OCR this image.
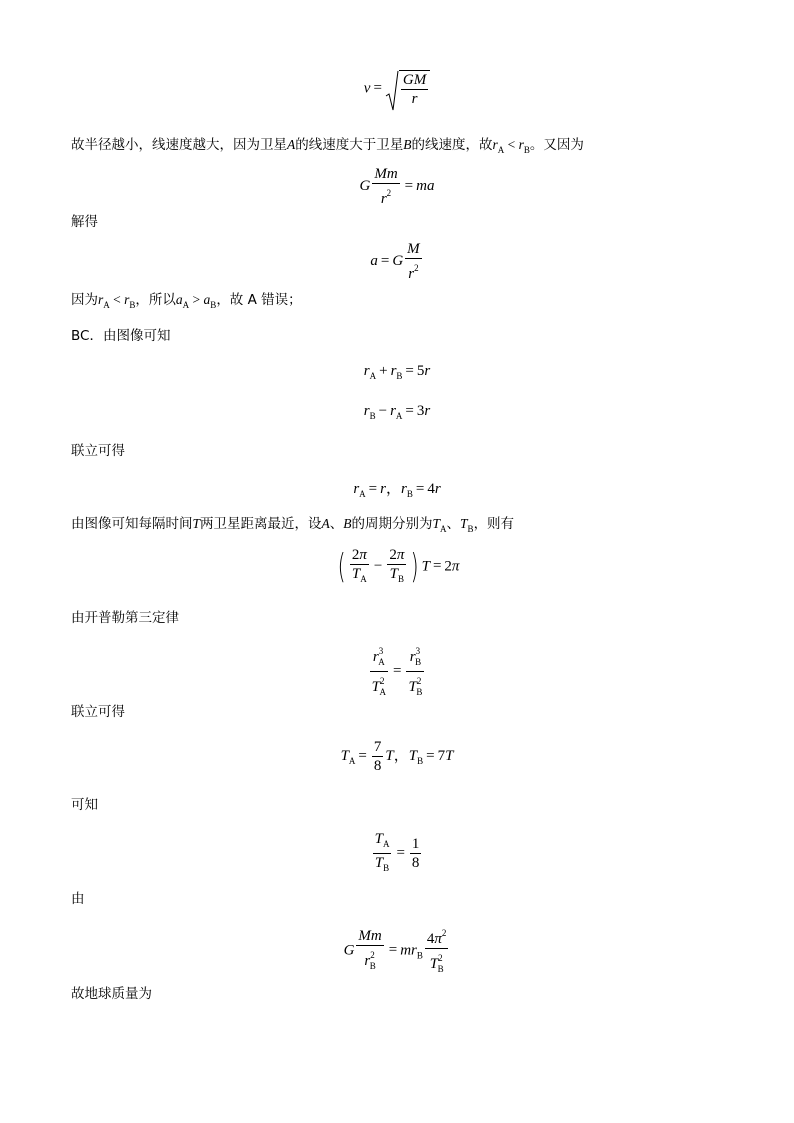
$v = \frac{GM}{r}$
故半径越小，线速度越大，因为卫星A的线速度大于卫星B的线速度，故$r_A < r_B$。又因为
G $\frac{Mm}{r^2}$ = ma
解得
a = G $\frac{M}{r^2}$
因为$r_A < r_B$，所以$a_A > a_B$，故 A 错误；
BC．由图像可知
$r_A + r_B = 5r$
$r_B - r_A = 3r$
联立可得
$r_A = r$，$r_B = 4r$
由图像可知每隔时间T两卫星距离最近，设A、B的周期分别为$T_A$、$T_B$，则有
( $\frac{2\pi}{T_A} - \frac{2\pi}{T_B}$ ) T = 2π
由开普勒第三定律
$\frac{r^3_A}{T^2_A} = \frac{r^3_B}{T^2_B}$
联立可得
$T_A = \frac{7}{8}$ T，$T_B = 7T$
可知
$\frac{T_A}{T_B} = \frac{1}{8}$
由
G $\frac{Mm}{r^2_B} = mr_B \frac{4\pi^2}{T^2_B}$
故地球质量为
